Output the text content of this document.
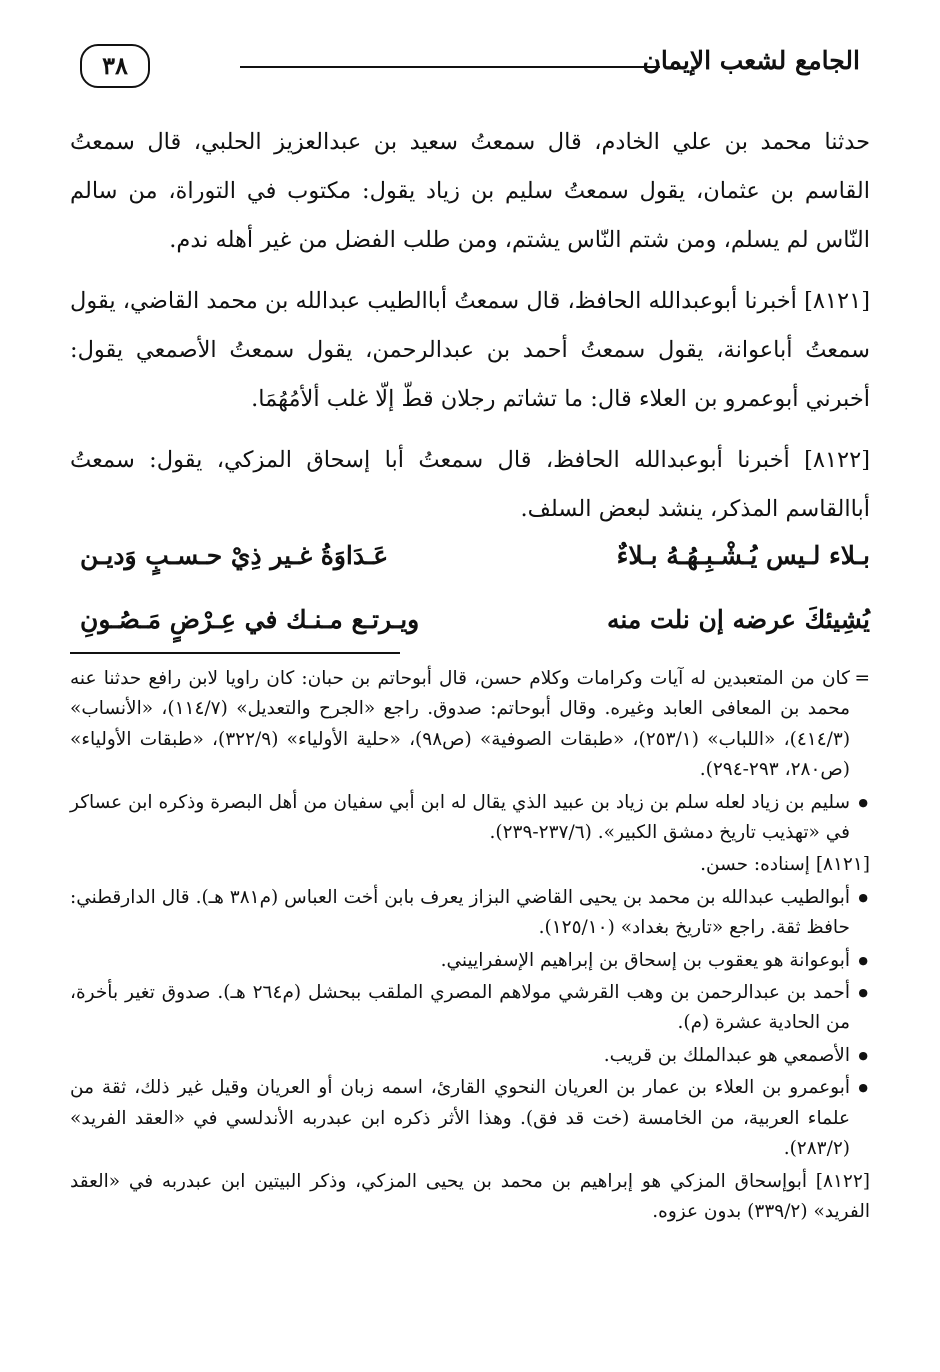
الجامع لشعب الإيمان
٣٨

حدثنا محمد بن علي الخادم، قال سمعتُ سعيد بن عبدالعزيز الحلبي، قال سمعتُ القاسم بن عثمان، يقول سمعتُ سليم بن زياد يقول: مكتوب في التوراة، من سالم النّاس لم يسلم، ومن شتم النّاس يشتم، ومن طلب الفضل من غير أهله ندم.

[٨١٢١] أخبرنا أبوعبدالله الحافظ، قال سمعتُ أباالطيب عبدالله بن محمد القاضي، يقول سمعتُ أباعوانة، يقول سمعتُ أحمد بن عبدالرحمن، يقول سمعتُ الأصمعي يقول: أخبرني أبوعمرو بن العلاء قال: ما تشاتم رجلان قطّ إلّا غلب ألأمُهُمَا.

[٨١٢٢] أخبرنا أبوعبدالله الحافظ، قال سمعتُ أبا إسحاق المزكي، يقول: سمعتُ أباالقاسم المذكر، ينشد لبعض السلف.

بـلاء لـيس يُـشْـبِـهُـهُ بـلاءٌ
عَـدَاوَةُ غـير ذِيْ حـسـبٍ وَديـن
يُشِيئكَ عرضه إن نلت منه
ويـرتـع مـنـك في عِـرْضٍ مَـصُـونِ

=
كان من المتعبدين له آيات وكرامات وكلام حسن، قال أبوحاتم بن حبان: كان راويا لابن رافع حدثنا عنه محمد بن المعافى العابد وغيره. وقال أبوحاتم: صدوق. راجع «الجرح والتعديل» (١١٤/٧)، «الأنساب» (٤١٤/٣)، «اللباب» (٢٥٣/١)، «طبقات الصوفية» (ص٩٨)، «حلية الأولياء» (٣٢٢/٩)، «طبقات الأولياء» (ص٢٨٠، ٢٩٣-٢٩٤).

● سليم بن زياد لعله سلم بن زياد بن عبيد الذي يقال له ابن أبي سفيان من أهل البصرة وذكره ابن عساكر في «تهذيب تاريخ دمشق الكبير». (٢٣٧/٦-٢٣٩).

[٨١٢١] إسناده: حسن.

● أبوالطيب عبدالله بن محمد بن يحيى القاضي البزاز يعرف بابن أخت العباس (م٣٨١ هـ). قال الدارقطني: حافظ ثقة. راجع «تاريخ بغداد» (١٢٥/١٠).

● أبوعوانة هو يعقوب بن إسحاق بن إبراهيم الإسفراييني.

● أحمد بن عبدالرحمن بن وهب القرشي مولاهم المصري الملقب ببحشل (م٢٦٤ هـ). صدوق تغير بأخرة، من الحادية عشرة (م).

● الأصمعي هو عبدالملك بن قريب.

● أبوعمرو بن العلاء بن عمار بن العريان النحوي القارئ، اسمه زبان أو العريان وقيل غير ذلك، ثقة من علماء العربية، من الخامسة (خت قد فق). وهذا الأثر ذكره ابن عبدربه الأندلسي في «العقد الفريد» (٢٨٣/٢).

[٨١٢٢] أبوإسحاق المزكي هو إبراهيم بن محمد بن يحيى المزكي، وذكر البيتين ابن عبدربه في «العقد الفريد» (٣٣٩/٢) بدون عزوه.
